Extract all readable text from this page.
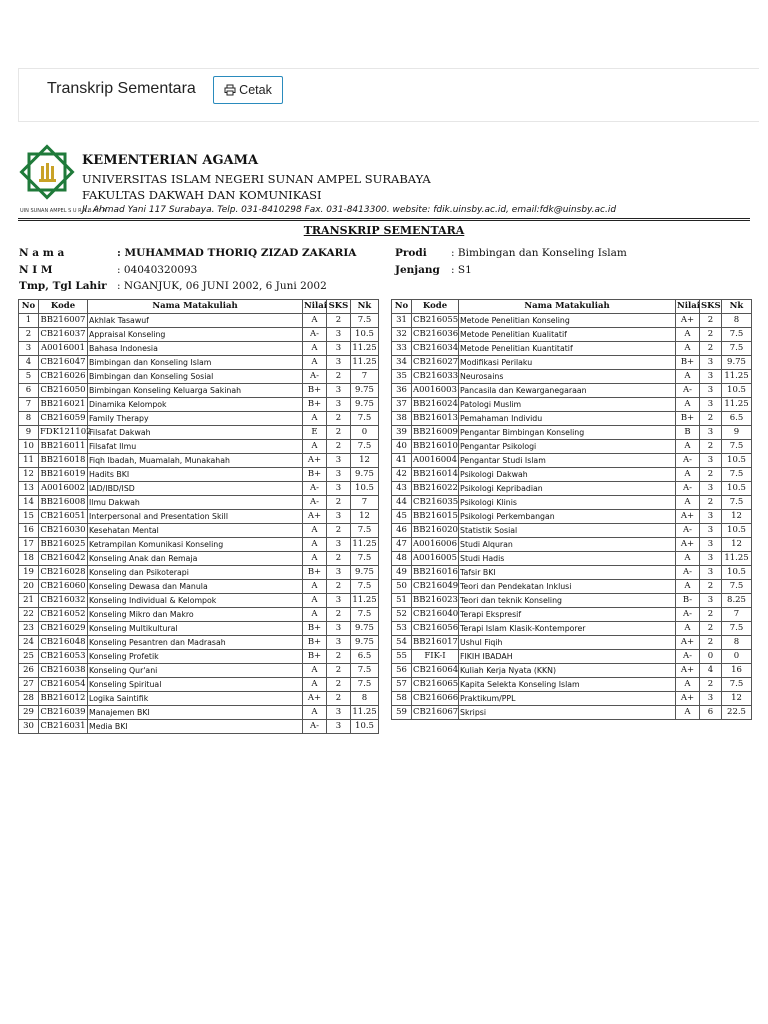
Transkrip Sementara	Cetak
UIN SUNAN AMPEL S U R A B A Y A
KEMENTERIAN AGAMA
UNIVERSITAS ISLAM NEGERI SUNAN AMPEL SURABAYA
FAKULTAS DAKWAH DAN KOMUNIKASI
Jl. Ahmad Yani 117 Surabaya. Telp. 031-8410298 Fax. 031-8413300. website: fdik.uinsby.ac.id, email:fdk@uinsby.ac.id
TRANSKRIP SEMENTARA
N a m a	: MUHAMMAD THORIQ ZIZAD ZAKARIA
N I M	: 04040320093
Tmp, Tgl Lahir : NGANJUK, 06 JUNI 2002, 6 Juni 2002
Prodi : Bimbingan dan Konseling Islam
Jenjang : S1
No	Kode	Nama Matakuliah	Nilai	SKS	Nk
1	BB216007	Akhlak Tasawuf	A	2	7.5
2	CB216037	Appraisal Konseling	A-	3	10.5
3	A0016001	Bahasa Indonesia	A	3	11.25
4	CB216047	Bimbingan dan Konseling Islam	A	3	11.25
5	CB216026	Bimbingan dan Konseling Sosial	A-	2	7
6	CB216050	Bimbingan Konseling Keluarga Sakinah	B+	3	9.75
7	BB216021	Dinamika Kelompok	B+	3	9.75
8	CB216059	Family Therapy	A	2	7.5
9	FDK121102	Filsafat Dakwah	E	2	0
10	BB216011	Filsafat Ilmu	A	2	7.5
11	BB216018	Fiqh Ibadah, Muamalah, Munakahah	A+	3	12
12	BB216019	Hadits BKI	B+	3	9.75
13	A0016002	IAD/IBD/ISD	A-	3	10.5
14	BB216008	Ilmu Dakwah	A-	2	7
15	CB216051	Interpersonal and Presentation Skill	A+	3	12
16	CB216030	Kesehatan Mental	A	2	7.5
17	BB216025	Ketrampilan Komunikasi Konseling	A	3	11.25
18	CB216042	Konseling Anak dan Remaja	A	2	7.5
19	CB216028	Konseling dan Psikoterapi	B+	3	9.75
20	CB216060	Konseling Dewasa dan Manula	A	2	7.5
21	CB216032	Konseling Individual & Kelompok	A	3	11.25
22	CB216052	Konseling Mikro dan Makro	A	2	7.5
23	CB216029	Konseling Multikultural	B+	3	9.75
24	CB216048	Konseling Pesantren dan Madrasah	B+	3	9.75
25	CB216053	Konseling Profetik	B+	2	6.5
26	CB216038	Konseling Qur'ani	A	2	7.5
27	CB216054	Konseling Spiritual	A	2	7.5
28	BB216012	Logika Saintifik	A+	2	8
29	CB216039	Manajemen BKI	A	3	11.25
30	CB216031	Media BKI	A-	3	10.5
No	Kode	Nama Matakuliah	Nilai	SKS	Nk
31	CB216055	Metode Penelitian Konseling	A+	2	8
32	CB216036	Metode Penelitian Kualitatif	A	2	7.5
33	CB216034	Metode Penelitian Kuantitatif	A	2	7.5
34	CB216027	Modifikasi Perilaku	B+	3	9.75
35	CB216033	Neurosains	A	3	11.25
36	A0016003	Pancasila dan Kewarganegaraan	A-	3	10.5
37	BB216024	Patologi Muslim	A	3	11.25
38	BB216013	Pemahaman Individu	B+	2	6.5
39	BB216009	Pengantar Bimbingan Konseling	B	3	9
40	BB216010	Pengantar Psikologi	A	2	7.5
41	A0016004	Pengantar Studi Islam	A-	3	10.5
42	BB216014	Psikologi Dakwah	A	2	7.5
43	BB216022	Psikologi Kepribadian	A-	3	10.5
44	CB216035	Psikologi Klinis	A	2	7.5
45	BB216015	Psikologi Perkembangan	A+	3	12
46	BB216020	Statistik Sosial	A-	3	10.5
47	A0016006	Studi Alquran	A+	3	12
48	A0016005	Studi Hadis	A	3	11.25
49	BB216016	Tafsir BKI	A-	3	10.5
50	CB216049	Teori dan Pendekatan Inklusi	A	2	7.5
51	BB216023	Teori dan teknik Konseling	B-	3	8.25
52	CB216040	Terapi Ekspresif	A-	2	7
53	CB216056	Terapi Islam Klasik-Kontemporer	A	2	7.5
54	BB216017	Ushul Fiqih	A+	2	8
55	FIK-I	FIKIH IBADAH	A-	0	0
56	CB216064	Kuliah Kerja Nyata (KKN)	A+	4	16
57	CB216065	Kapita Selekta Konseling Islam	A	2	7.5
58	CB216066	Praktikum/PPL	A+	3	12
59	CB216067	Skripsi	A	6	22.5
